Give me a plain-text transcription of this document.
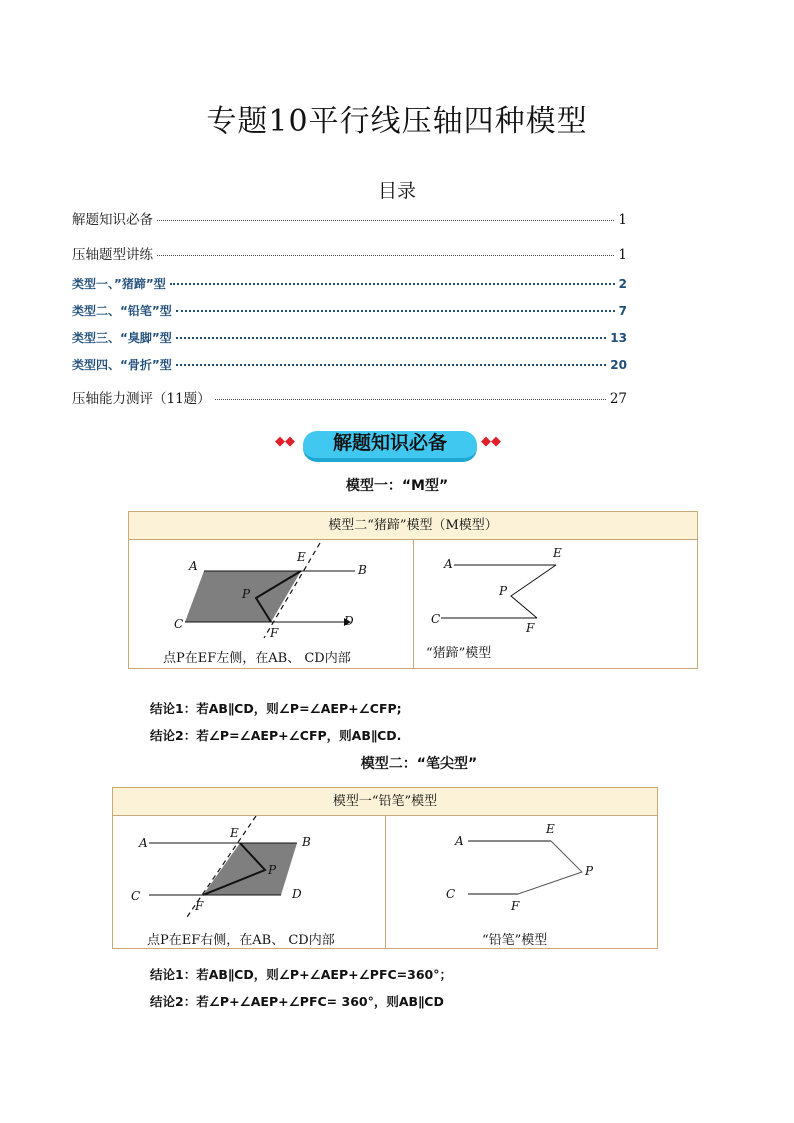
专题10平行线压轴四种模型
目录
解题知识必备	1
压轴题型讲练	1
类型一、”猪蹄”型	2
类型二、“铅笔”型	7
类型三、“臭脚”型	13
类型四、“骨折”型	20
压轴能力测评（11题）	27
◆◆	解题知识必备	◆◆
模型一：“M型”
模型二“猪蹄”模型（M模型）
A	B
C	D
E
F
P
点P在EF左侧，在AB、 CD内部
A
E
P
C
F
“猪蹄”模型
结论1：若AB∥CD，则∠P=∠AEP+∠CFP;
结论2：若∠P=∠AEP+∠CFP，则AB∥CD.
模型二：“笔尖型”
模型一“铅笔”模型
A	B
C	D
E
F
P
点P在EF右侧，在AB、 CD内部
A
E
P
C
F
“铅笔”模型
结论1：若AB∥CD，则∠P+∠AEP+∠PFC=360°；
结论2：若∠P+∠AEP+∠PFC= 360°，则AB∥CD
